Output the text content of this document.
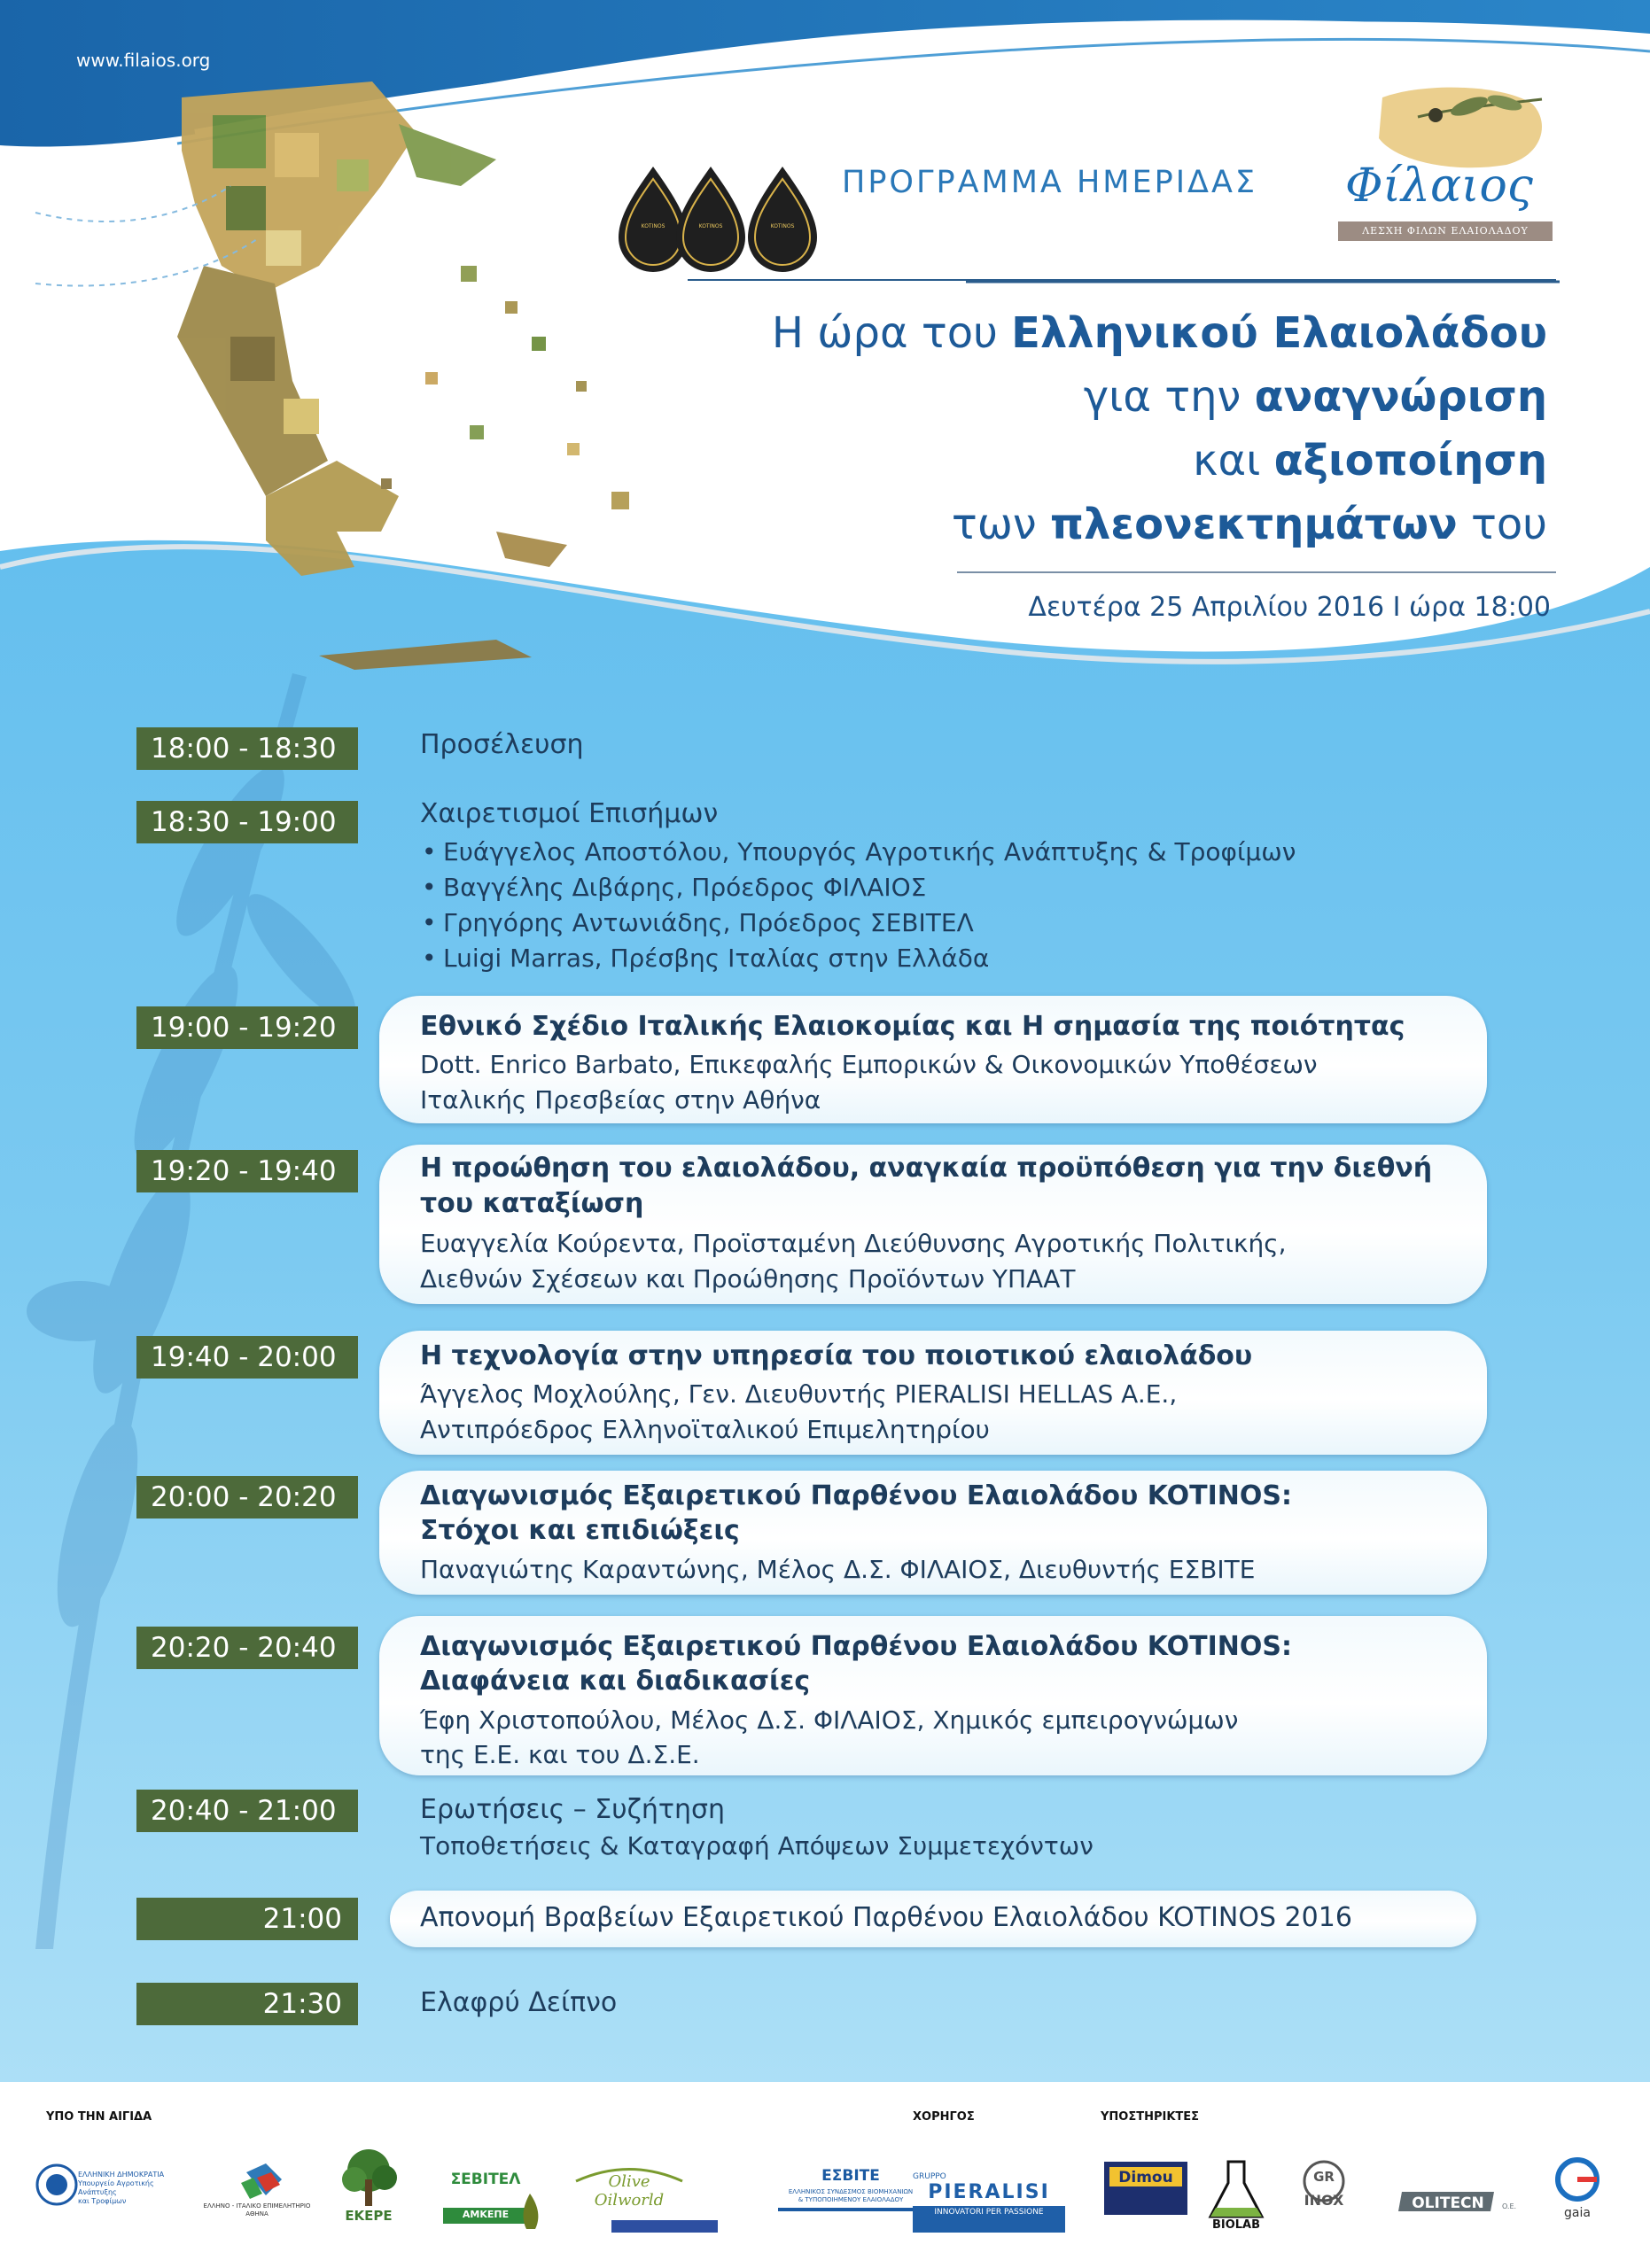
www.filaios.org
ΠΡΟΓΡΑΜΜΑ ΗΜΕΡΙΔΑΣ Φίλαιος
ΛΕΣΧΗ ΦΙΛΩΝ ΕΛΑΙΟΛΑΔΟΥ
KOTINOS	KOTINOS	KOTINOS
Η ώρα του Ελληνικού Ελαιολάδου
για την αναγνώριση
και αξιοποίηση
των πλεονεκτημάτων του
Δευτέρα 25 Απριλίου 2016 Ι ώρα 18:00
18:00 - 18:30	Προσέλευση
18:30 - 19:00	Χαιρετισμοί Επισήμων
• Ευάγγελος Αποστόλου, Υπουργός Αγροτικής Ανάπτυξης & Τροφίμων
• Βαγγέλης Διβάρης, Πρόεδρος ΦΙΛΑΙΟΣ
• Γρηγόρης Αντωνιάδης, Πρόεδρος ΣΕΒΙΤΕΛ
• Luigi Marras, Πρέσβης Ιταλίας στην Ελλάδα
19:00 - 19:20	Εθνικό Σχέδιο Ιταλικής Ελαιοκομίας και Η σημασία της ποιότητας
Dott. Enrico Barbato, Επικεφαλής Εμπορικών & Οικονομικών Υποθέσεων
Ιταλικής Πρεσβείας στην Αθήνα
19:20 - 19:40	Η προώθηση του ελαιολάδου, αναγκαία προϋπόθεση για την διεθνή
του καταξίωση
Ευαγγελία Κούρεντα, Προϊσταμένη Διεύθυνσης Αγροτικής Πολιτικής,
Διεθνών Σχέσεων και Προώθησης Προϊόντων ΥΠΑΑΤ
19:40 - 20:00	Η τεχνολογία στην υπηρεσία του ποιοτικού ελαιολάδου
Άγγελος Μοχλούλης, Γεν. Διευθυντής PIERALISI HELLAS A.E.,
Αντιπρόεδρος Ελληνοϊταλικού Επιμελητηρίου
20:00 - 20:20	Διαγωνισμός Εξαιρετικού Παρθένου Ελαιολάδου KOTINOS:
Στόχοι και επιδιώξεις
Παναγιώτης Καραντώνης, Μέλος Δ.Σ. ΦΙΛΑΙΟΣ, Διευθυντής ΕΣΒΙΤΕ
20:20 - 20:40	Διαγωνισμός Εξαιρετικού Παρθένου Ελαιολάδου KOTINOS:
Διαφάνεια και διαδικασίες
Έφη Χριστοπούλου, Μέλος Δ.Σ. ΦΙΛΑΙΟΣ, Χημικός εμπειρογνώμων
της Ε.Ε. και του Δ.Σ.Ε.
20:40 - 21:00	Ερωτήσεις – Συζήτηση
Τοποθετήσεις & Καταγραφή Απόψεων Συμμετεχόντων
21:00	Απονομή Βραβείων Εξαιρετικού Παρθένου Ελαιολάδου KOTINOS 2016
21:30	Ελαφρύ Δείπνο
ΥΠΟ ΤΗΝ ΑΙΓΙΔΑ	ΧΟΡΗΓΟΣ	ΥΠΟΣΤΗΡΙΚΤΕΣ
ΕΛΛΗΝΙΚΗ ΔΗΜΟΚΡΑΤΙΑ
Υπουργείο Αγροτικής Ανάπτυξης
και Τροφίμων
ΕΛΛΗΝΟ - ΙΤΑΛΙΚΟ ΕΠΙΜΕΛΗΤΗΡΙΟ
ΑΘΗΝΑ	ΕΚΕΡΕ
ΣΕΒΙΤΕΛ
ΑΜΚΕΠΕ
Olive Oilworld
ΕΣΒΙΤΕ
ΕΛΛΗΝΙΚΟΣ ΣΥΝΔΕΣΜΟΣ ΒΙΟΜΗΧΑΝΙΩΝ
& ΤΥΠΟΠΟΙΗΜΕΝΟΥ ΕΛΑΙΟΛΑΔΟΥ
GRUPPO
PIERALISI
INNOVATORI PER PASSIONE
Dimou
BIOLAB
GR
INOX	OLITECN	O.E.	gaia
